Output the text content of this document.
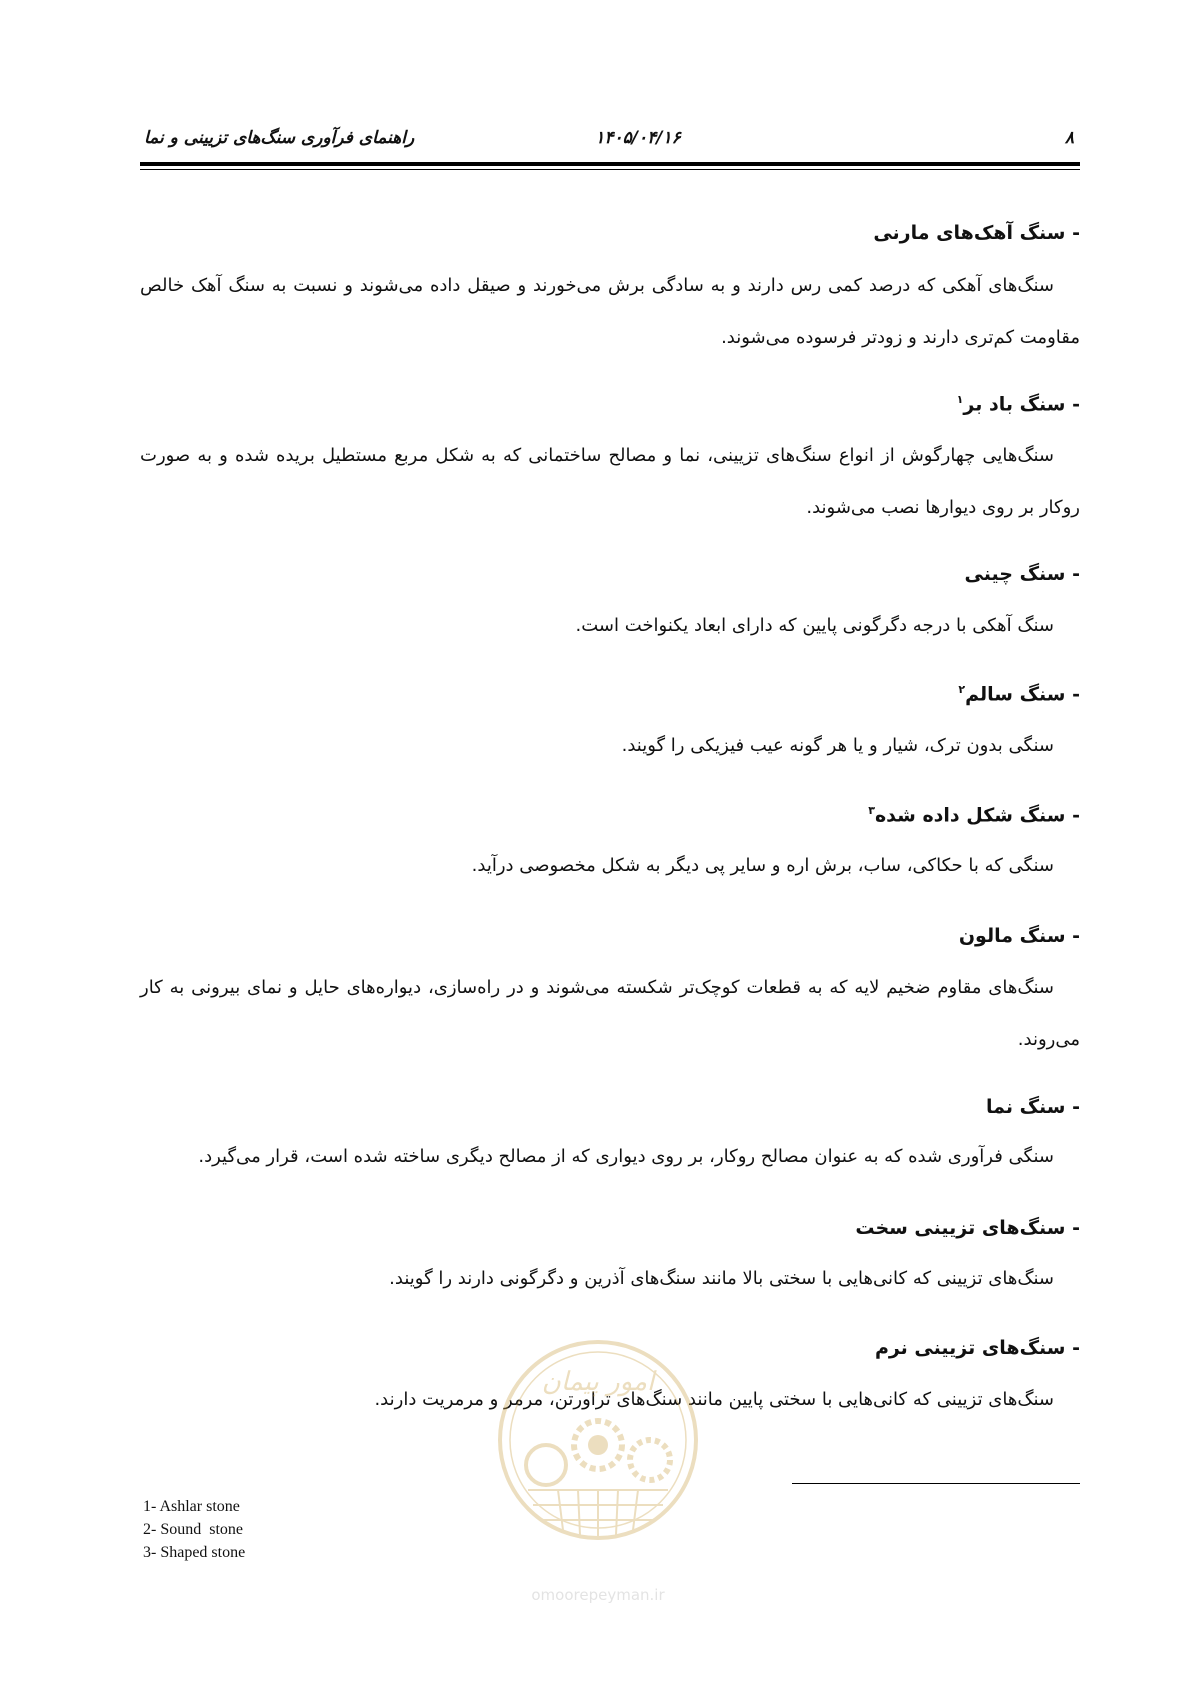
۸
۱۴۰۵/۰۴/۱۶
راهنمای فرآوری سنگ‌های تزیینی و نما
- سنگ آهک‌های مارنی
سنگ‌های آهکی که درصد کمی رس دارند و به سادگی برش می‌خورند و صیقل داده می‌شوند و نسبت به سنگ آهک خالص مقاومت کم‌تری دارند و زودتر فرسوده می‌شوند.
- سنگ باد بر$^۱$
سنگ‌هایی چهارگوش از انواع سنگ‌های تزیینی، نما و مصالح ساختمانی که به شکل مربع مستطیل بریده شده و به صورت روکار بر روی دیوارها نصب می‌شوند.
- سنگ چینی
سنگ آهکی با درجه دگرگونی پایین که دارای ابعاد یکنواخت است.
- سنگ سالم$^۲$
سنگی بدون ترک، شیار و یا هر گونه عیب فیزیکی را گویند.
- سنگ شکل داده شده$^۳$
سنگی که با حکاکی، ساب، برش اره و سایر پی دیگر به شکل مخصوصی درآید.
- سنگ مالون
سنگ‌های مقاوم ضخیم لایه که به قطعات کوچک‌تر شکسته می‌شوند و در راه‌سازی، دیواره‌های حایل و نمای بیرونی به کار می‌روند.
- سنگ نما
سنگی فرآوری شده که به عنوان مصالح روکار، بر روی دیواری که از مصالح دیگری ساخته شده است، قرار می‌گیرد.
- سنگ‌های تزیینی سخت
سنگ‌های تزیینی که کانی‌هایی با سختی بالا مانند سنگ‌های آذرین و دگرگونی دارند را گویند.
- سنگ‌های تزیینی نرم
سنگ‌های تزیینی که کانی‌هایی با سختی پایین مانند سنگ‌های تراورتن، مرمر و مرمریت دارند.
امور پیمان
omoorepeyman.ir
1- Ashlar stone
2- Sound  stone
3- Shaped stone
